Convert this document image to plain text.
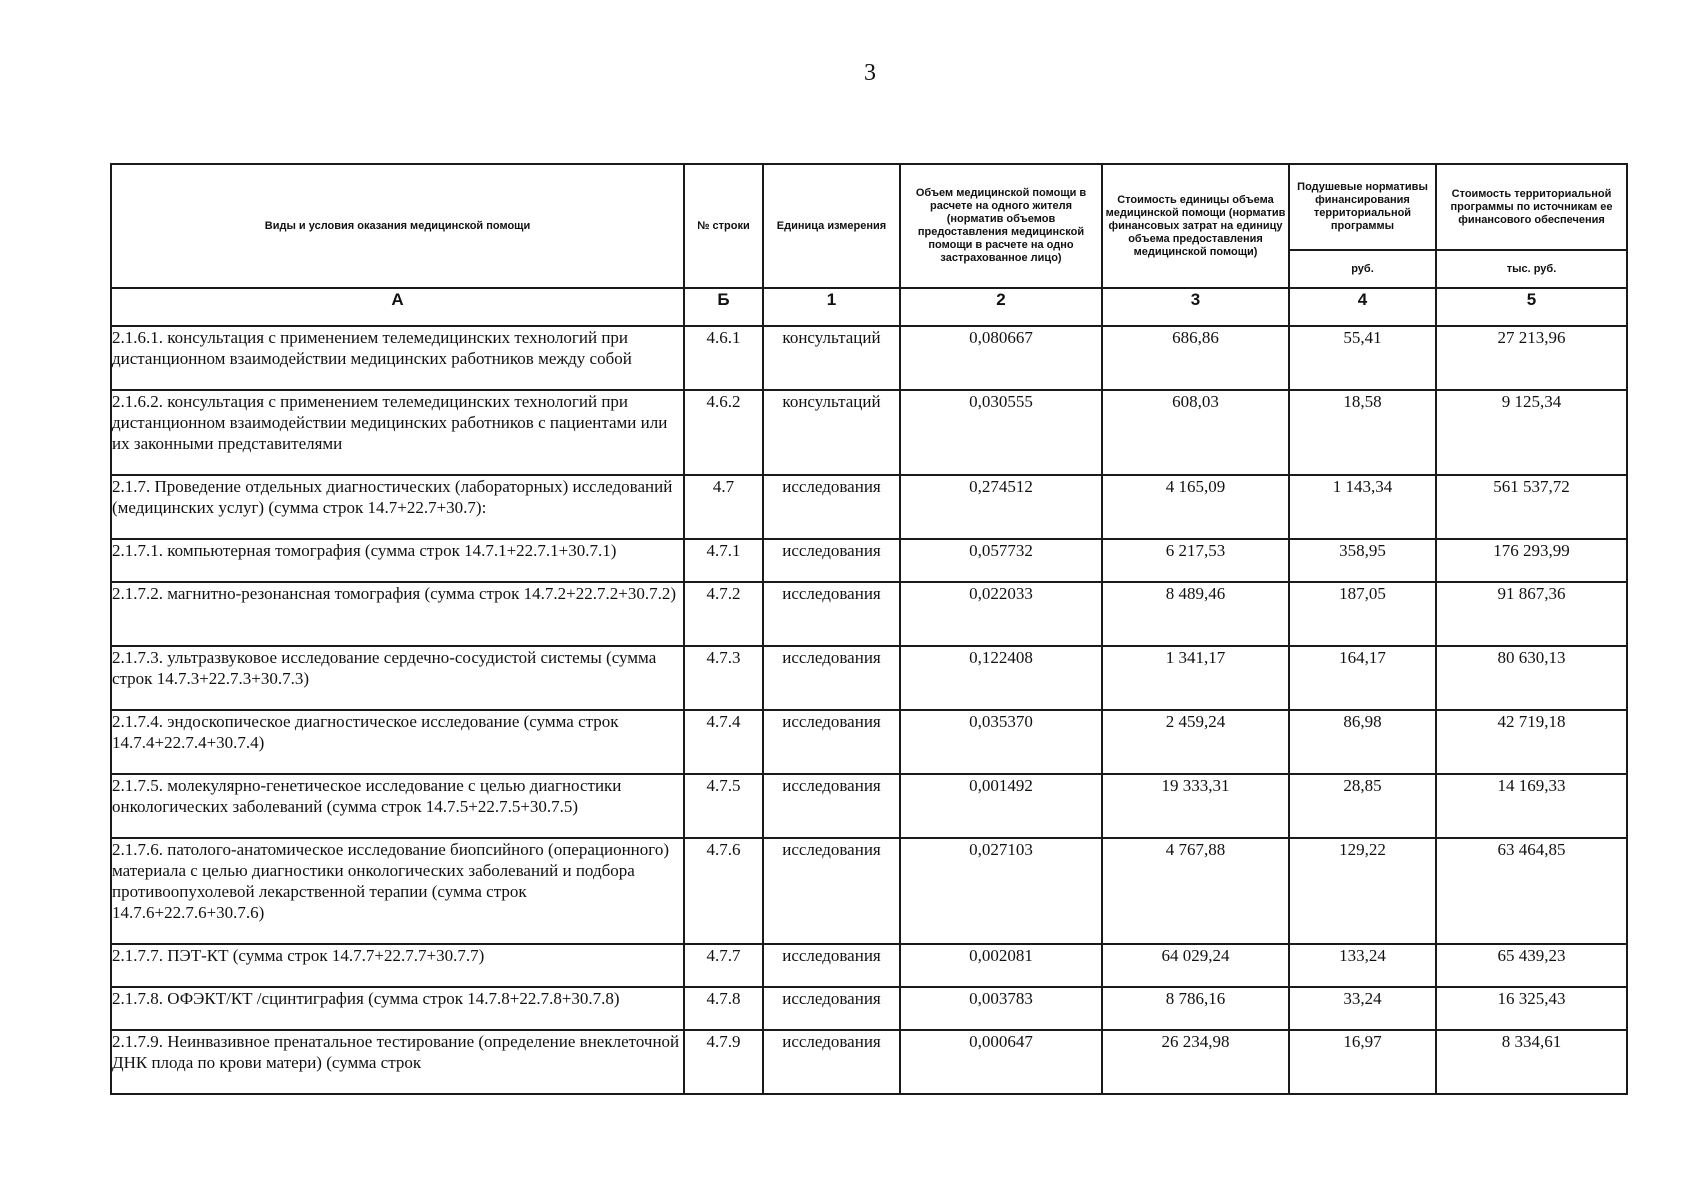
3
Виды и условия оказания медицинской помощи	№ строки	Единица измерения	Объем медицинской помощи в расчете на одного жителя (норматив объемов предоставления медицинской помощи в расчете на одно застрахованное лицо)	Стоимость единицы объема медицинской помощи (норматив финансовых затрат на единицу объема предоставления медицинской помощи)	Подушевые нормативы финансирования территориальной программы	Стоимость территориальной программы по источникам ее финансового обеспечения
					руб.	тыс. руб.
А	Б	1	2	3	4	5
2.1.6.1. консультация с применением телемедицинских технологий при дистанционном взаимодействии медицинских работников между собой	4.6.1	консультаций	0,080667	686,86	55,41	27 213,96
2.1.6.2. консультация с применением телемедицинских технологий при дистанционном взаимодействии медицинских работников с пациентами или их законными представителями	4.6.2	консультаций	0,030555	608,03	18,58	9 125,34
2.1.7. Проведение отдельных диагностических (лабораторных) исследований (медицинских услуг) (сумма строк 14.7+22.7+30.7):	4.7	исследования	0,274512	4 165,09	1 143,34	561 537,72
2.1.7.1. компьютерная томография (сумма строк 14.7.1+22.7.1+30.7.1)	4.7.1	исследования	0,057732	6 217,53	358,95	176 293,99
2.1.7.2. магнитно-резонансная томография (сумма строк 14.7.2+22.7.2+30.7.2)	4.7.2	исследования	0,022033	8 489,46	187,05	91 867,36
2.1.7.3. ультразвуковое исследование сердечно-сосудистой системы (сумма строк 14.7.3+22.7.3+30.7.3)	4.7.3	исследования	0,122408	1 341,17	164,17	80 630,13
2.1.7.4. эндоскопическое диагностическое исследование (сумма строк 14.7.4+22.7.4+30.7.4)	4.7.4	исследования	0,035370	2 459,24	86,98	42 719,18
2.1.7.5. молекулярно-генетическое исследование с целью диагностики онкологических заболеваний (сумма строк 14.7.5+22.7.5+30.7.5)	4.7.5	исследования	0,001492	19 333,31	28,85	14 169,33
2.1.7.6. патолого-анатомическое исследование биопсийного (операционного) материала с целью диагностики онкологических заболеваний и подбора противоопухолевой лекарственной терапии (сумма строк 14.7.6+22.7.6+30.7.6)	4.7.6	исследования	0,027103	4 767,88	129,22	63 464,85
2.1.7.7. ПЭТ-КТ (сумма строк 14.7.7+22.7.7+30.7.7)	4.7.7	исследования	0,002081	64 029,24	133,24	65 439,23
2.1.7.8. ОФЭКТ/КТ /сцинтиграфия (сумма строк 14.7.8+22.7.8+30.7.8)	4.7.8	исследования	0,003783	8 786,16	33,24	16 325,43
2.1.7.9. Неинвазивное пренатальное тестирование (определение внеклеточной ДНК плода по крови матери) (сумма строк	4.7.9	исследования	0,000647	26 234,98	16,97	8 334,61
